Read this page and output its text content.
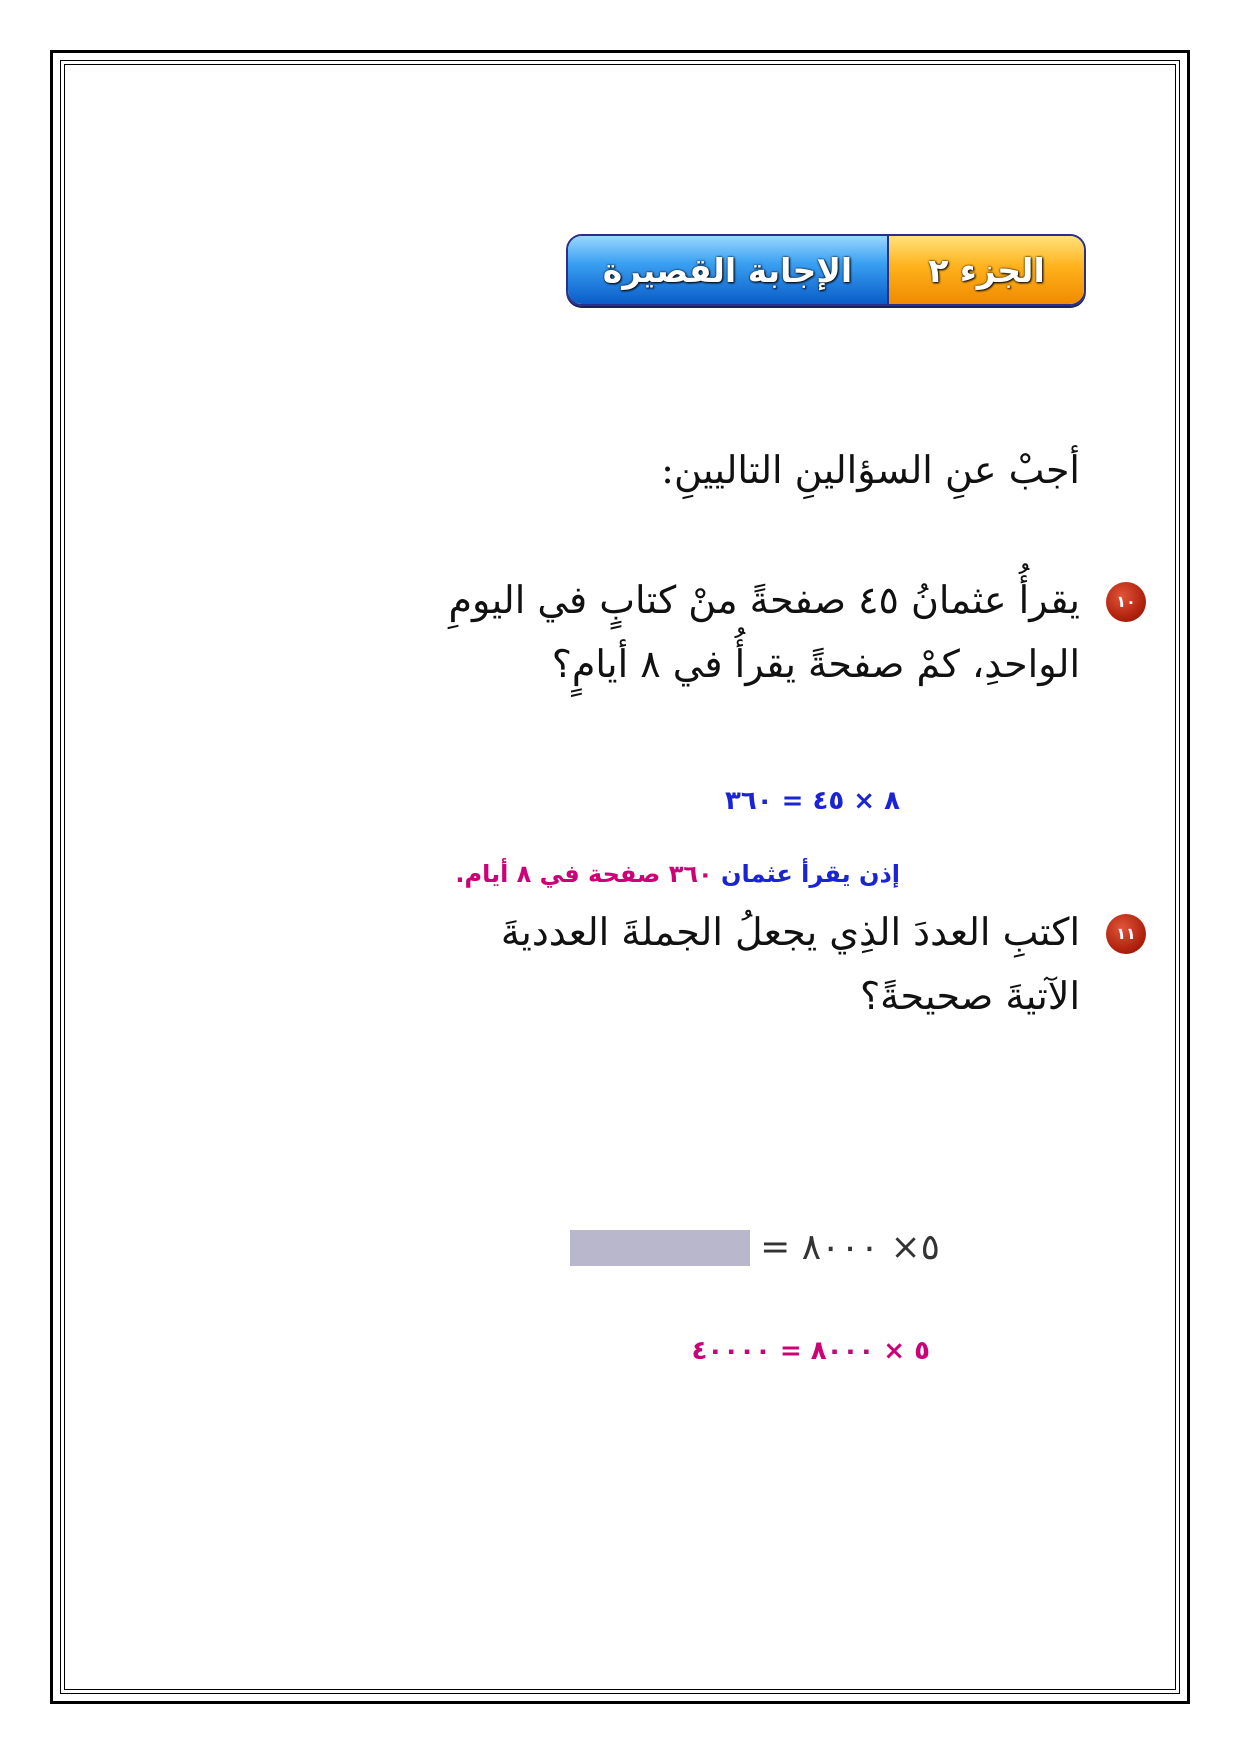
الجزء ٢
الإجابة القصيرة
أجبْ عنِ السؤالينِ التاليينِ:
١٠
يقرأُ عثمانُ ٤٥ صفحةً منْ كتابٍ في اليومِ
الواحدِ، كمْ صفحةً يقرأُ في ٨ أيامٍ؟
٨ × ٤٥ = ٣٦٠
إذن يقرأ عثمان ٣٦٠ صفحة في ٨ أيام.
١١
اكتبِ العددَ الذِي يجعلُ الجملةَ العدديةَ
الآتيةَ صحيحةً؟
٥× ٨٠٠٠ =
٥ × ٨٠٠٠ = ٤٠٠٠٠
